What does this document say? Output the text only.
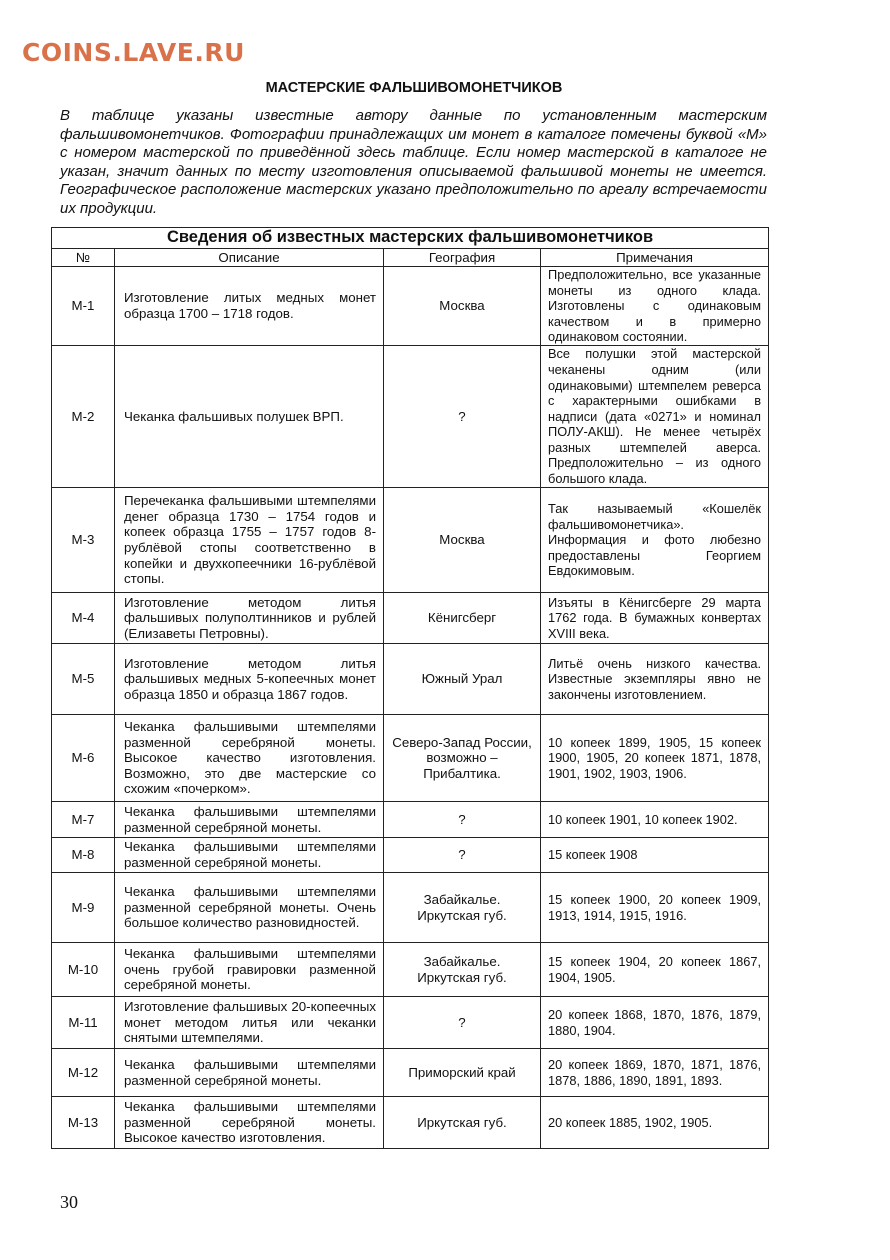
COINS.LAVE.RU
МАСТЕРСКИЕ ФАЛЬШИВОМОНЕТЧИКОВ
В таблице указаны известные автору данные по установленным мастерским фальшивомонетчиков. Фотографии принадлежащих им монет в каталоге помечены буквой «М» с номером мастерской по приведённой здесь таблице. Если номер мастерской в каталоге не указан, значит данных по месту изготовления описываемой фальшивой монеты не имеется. Географическое расположение мастерских указано предположительно по ареалу встречаемости их продукции.
Сведения об известных мастерских фальшивомонетчиков			
№	Описание	География	Примечания
М-1	Изготовление литых медных монет образца 1700 – 1718 годов.	Москва	Предположительно, все указанные монеты из одного клада. Изготовлены с одинаковым качеством и в примерно одинаковом состоянии.
М-2	Чеканка фальшивых полушек ВРП.	?	Все полушки этой мастерской чеканены одним (или одинаковыми) штемпелем реверса с характерными ошибками в надписи (дата «0271» и номинал ПОЛУ-АКШ). Не менее четырёх разных штемпелей аверса. Предположительно – из одного большого клада.
М-3	Перечеканка фальшивыми штемпелями денег образца 1730 – 1754 годов и копеек образца 1755 – 1757 годов 8-рублёвой стопы соответственно в копейки и двухкопеечники 16-рублёвой стопы.	Москва	Так называемый «Кошелёк фальшивомонетчика». Информация и фото любезно предоставлены Георгием Евдокимовым.
М-4	Изготовление методом литья фальшивых полуполтинников и рублей (Елизаветы Петровны).	Кёнигсберг	Изъяты в Кёнигсберге 29 марта 1762 года. В бумажных конвертах XVIII века.
М-5	Изготовление методом литья фальшивых медных 5-копеечных монет образца 1850 и образца 1867 годов.	Южный Урал	Литьё очень низкого качества. Известные экземпляры явно не закончены изготовлением.
М-6	Чеканка фальшивыми штемпелями разменной серебряной монеты. Высокое качество изготовления. Возможно, это две мастерские со схожим «почерком».	Северо-Запад России, возможно – Прибалтика.	10 копеек 1899, 1905, 15 копеек 1900, 1905, 20 копеек 1871, 1878, 1901, 1902, 1903, 1906.
М-7	Чеканка фальшивыми штемпелями разменной серебряной монеты.	?	10 копеек 1901, 10 копеек 1902.
М-8	Чеканка фальшивыми штемпелями разменной серебряной монеты.	?	15 копеек 1908
М-9	Чеканка фальшивыми штемпелями разменной серебряной монеты. Очень большое количество разновидностей.	Забайкалье. Иркутская губ.	15 копеек 1900, 20 копеек 1909, 1913, 1914, 1915, 1916.
М-10	Чеканка фальшивыми штемпелями очень грубой гравировки разменной серебряной монеты.	Забайкалье. Иркутская губ.	15 копеек 1904, 20 копеек 1867, 1904, 1905.
М-11	Изготовление фальшивых 20-копеечных монет методом литья или чеканки снятыми штемпелями.	?	20 копеек 1868, 1870, 1876, 1879, 1880, 1904.
М-12	Чеканка фальшивыми штемпелями разменной серебряной монеты.	Приморский край	20 копеек 1869, 1870, 1871, 1876, 1878, 1886, 1890, 1891, 1893.
М-13	Чеканка фальшивыми штемпелями разменной серебряной монеты. Высокое качество изготовления.	Иркутская губ.	20 копеек 1885, 1902, 1905.
30
